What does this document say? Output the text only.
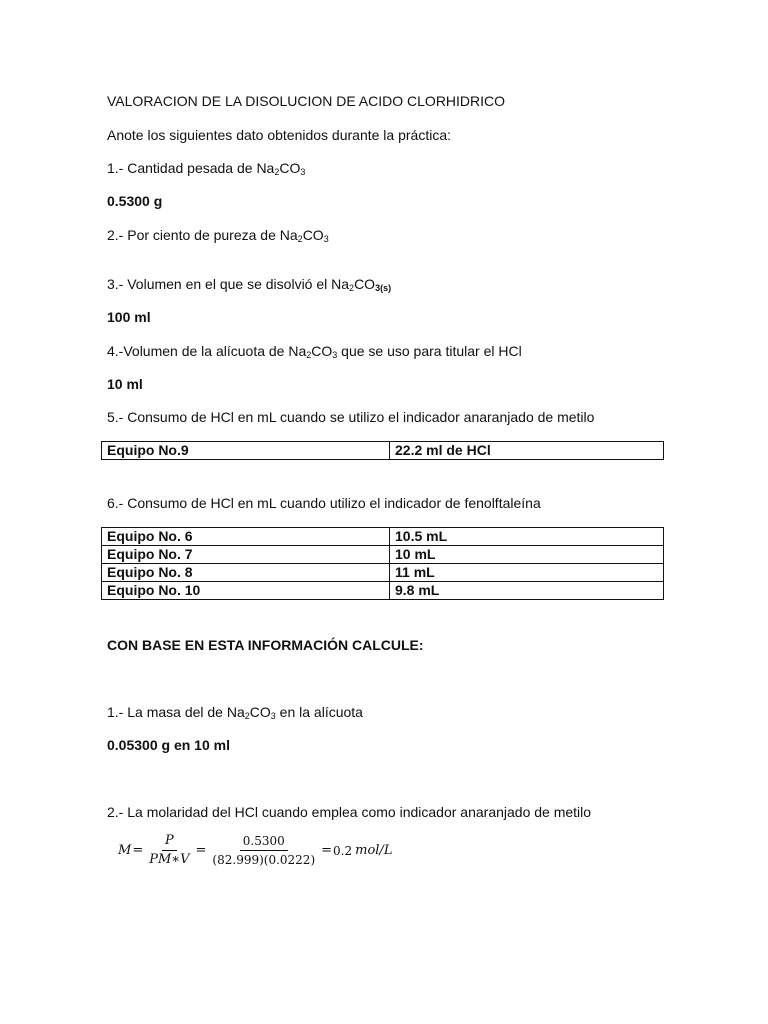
VALORACION DE LA DISOLUCION DE ACIDO CLORHIDRICO
Anote los siguientes dato obtenidos durante la práctica:
1.- Cantidad pesada de $Na_2CO_3$
0.5300 g
2.- Por ciento de pureza de $Na_2CO_3$
3.- Volumen en el que se disolvió el $Na_2CO_{3(s)}$
100 ml
4.-Volumen de la alícuota de $Na_2CO_3$ que se uso para titular el HCl
10 ml
5.- Consumo de HCl en mL cuando se utilizo el indicador anaranjado de metilo
Equipo No.9	22.2 ml de HCl
6.- Consumo de HCl en mL cuando utilizo el indicador de fenolftaleína
Equipo No. 6	10.5 mL
Equipo No. 7	10 mL
Equipo No. 8	11 mL
Equipo No. 10	9.8 mL
CON BASE EN ESTA INFORMACIÓN CALCULE:
1.- La masa del de $Na_2CO_3$ en la alícuota
0.05300 g en 10 ml
2.- La molaridad del HCl cuando emplea como indicador anaranjado de metilo
$M = \frac{P}{PM∗V} = \frac{0.5300}{(82.999)(0.0222)} = 0.2$ mol/L
